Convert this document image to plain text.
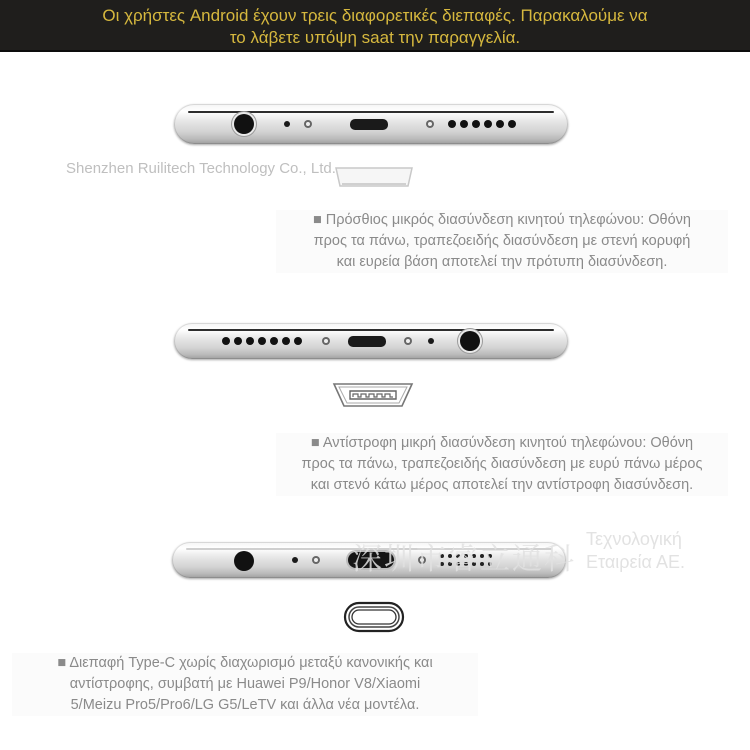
Οι χρήστες Android έχουν τρεις διαφορετικές διεπαφές. Παρακαλούμε να
το λάβετε υπόψη saat την παραγγελία.
Shenzhen Ruilitech Technology Co., Ltd.
■ Πρόσθιος μικρός διασύνδεση κινητού τηλεφώνου: Οθόνη
προς τα πάνω, τραπεζοειδής διασύνδεση με στενή κορυφή
και ευρεία βάση αποτελεί την πρότυπη διασύνδεση.
■ Αντίστροφη μικρή διασύνδεση κινητού τηλεφώνου: Οθόνη
προς τα πάνω, τραπεζοειδής διασύνδεση με ευρύ πάνω μέρος
και στενό κάτω μέρος αποτελεί την αντίστροφη διασύνδεση.
深圳市睿立通科
Τεχνολογική
Εταιρεία ΑΕ.
■ Διεπαφή Type-C χωρίς διαχωρισμό μεταξύ κανονικής και
αντίστροφης, συμβατή με Huawei P9/Honor V8/Xiaomi
5/Meizu Pro5/Pro6/LG G5/LeTV και άλλα νέα μοντέλα.
